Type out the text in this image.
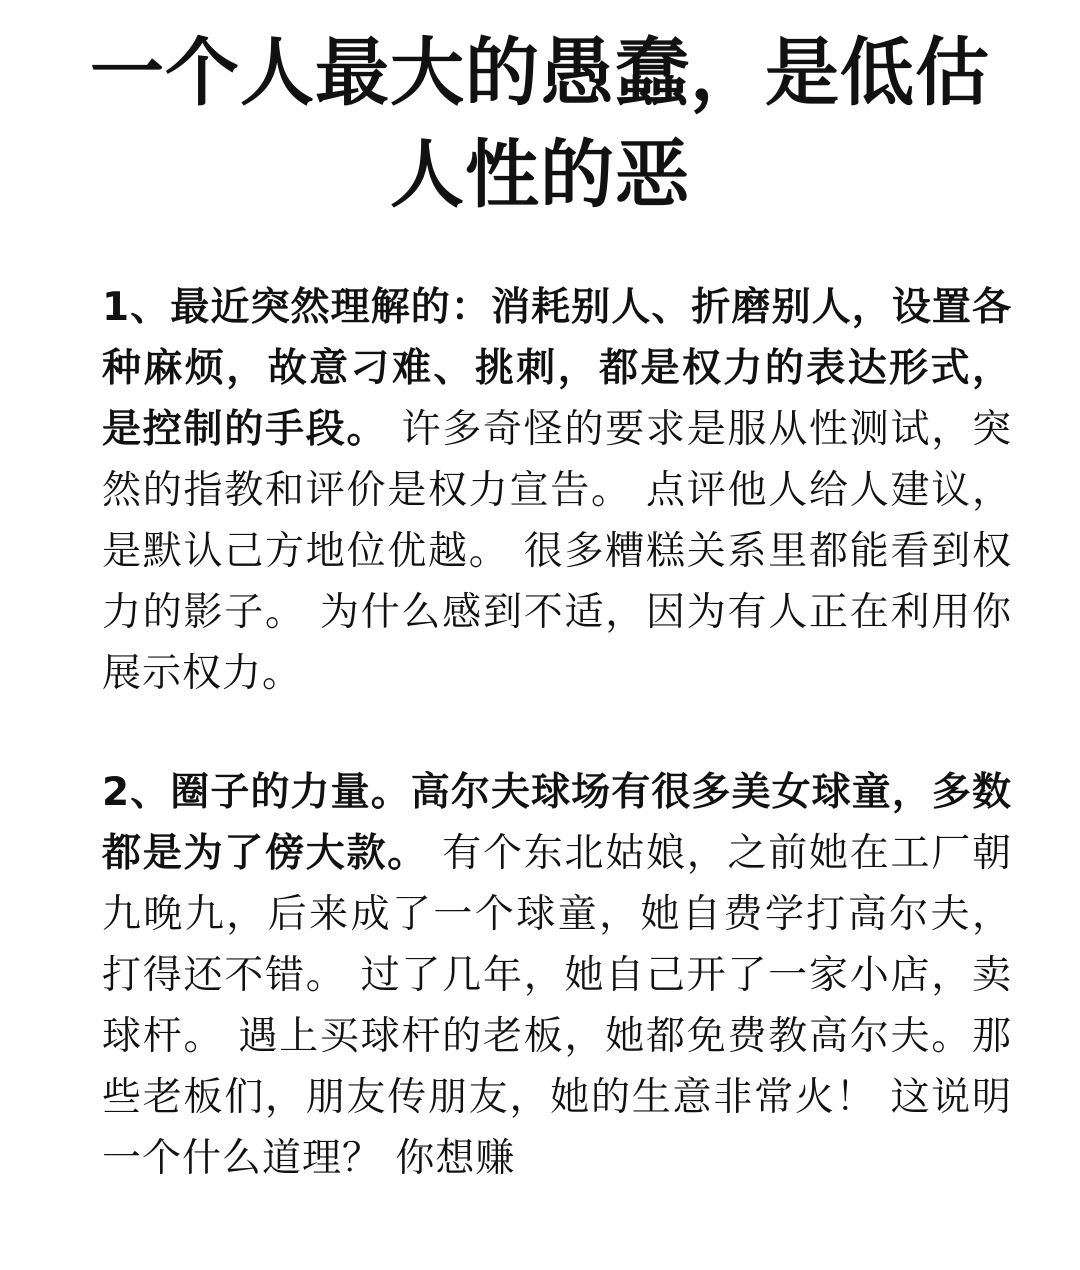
一个人最大的愚蠢，是低估
人性的恶

1、最近突然理解的：消耗别人、折磨别人，设置各种麻烦，故意刁难、挑刺，都是权力的表达形式，是控制的手段。 许多奇怪的要求是服从性测试，突然的指教和评价是权力宣告。 点评他人给人建议，是默认己方地位优越。 很多糟糕关系里都能看到权力的影子。 为什么感到不适，因为有人正在利用你展示权力。

2、圈子的力量。高尔夫球场有很多美女球童，多数都是为了傍大款。 有个东北姑娘，之前她在工厂朝九晚九，后来成了一个球童，她自费学打高尔夫，打得还不错。 过了几年，她自己开了一家小店，卖球杆。 遇上买球杆的老板，她都免费教高尔夫。那些老板们，朋友传朋友，她的生意非常火！ 这说明一个什么道理？ 你想赚
